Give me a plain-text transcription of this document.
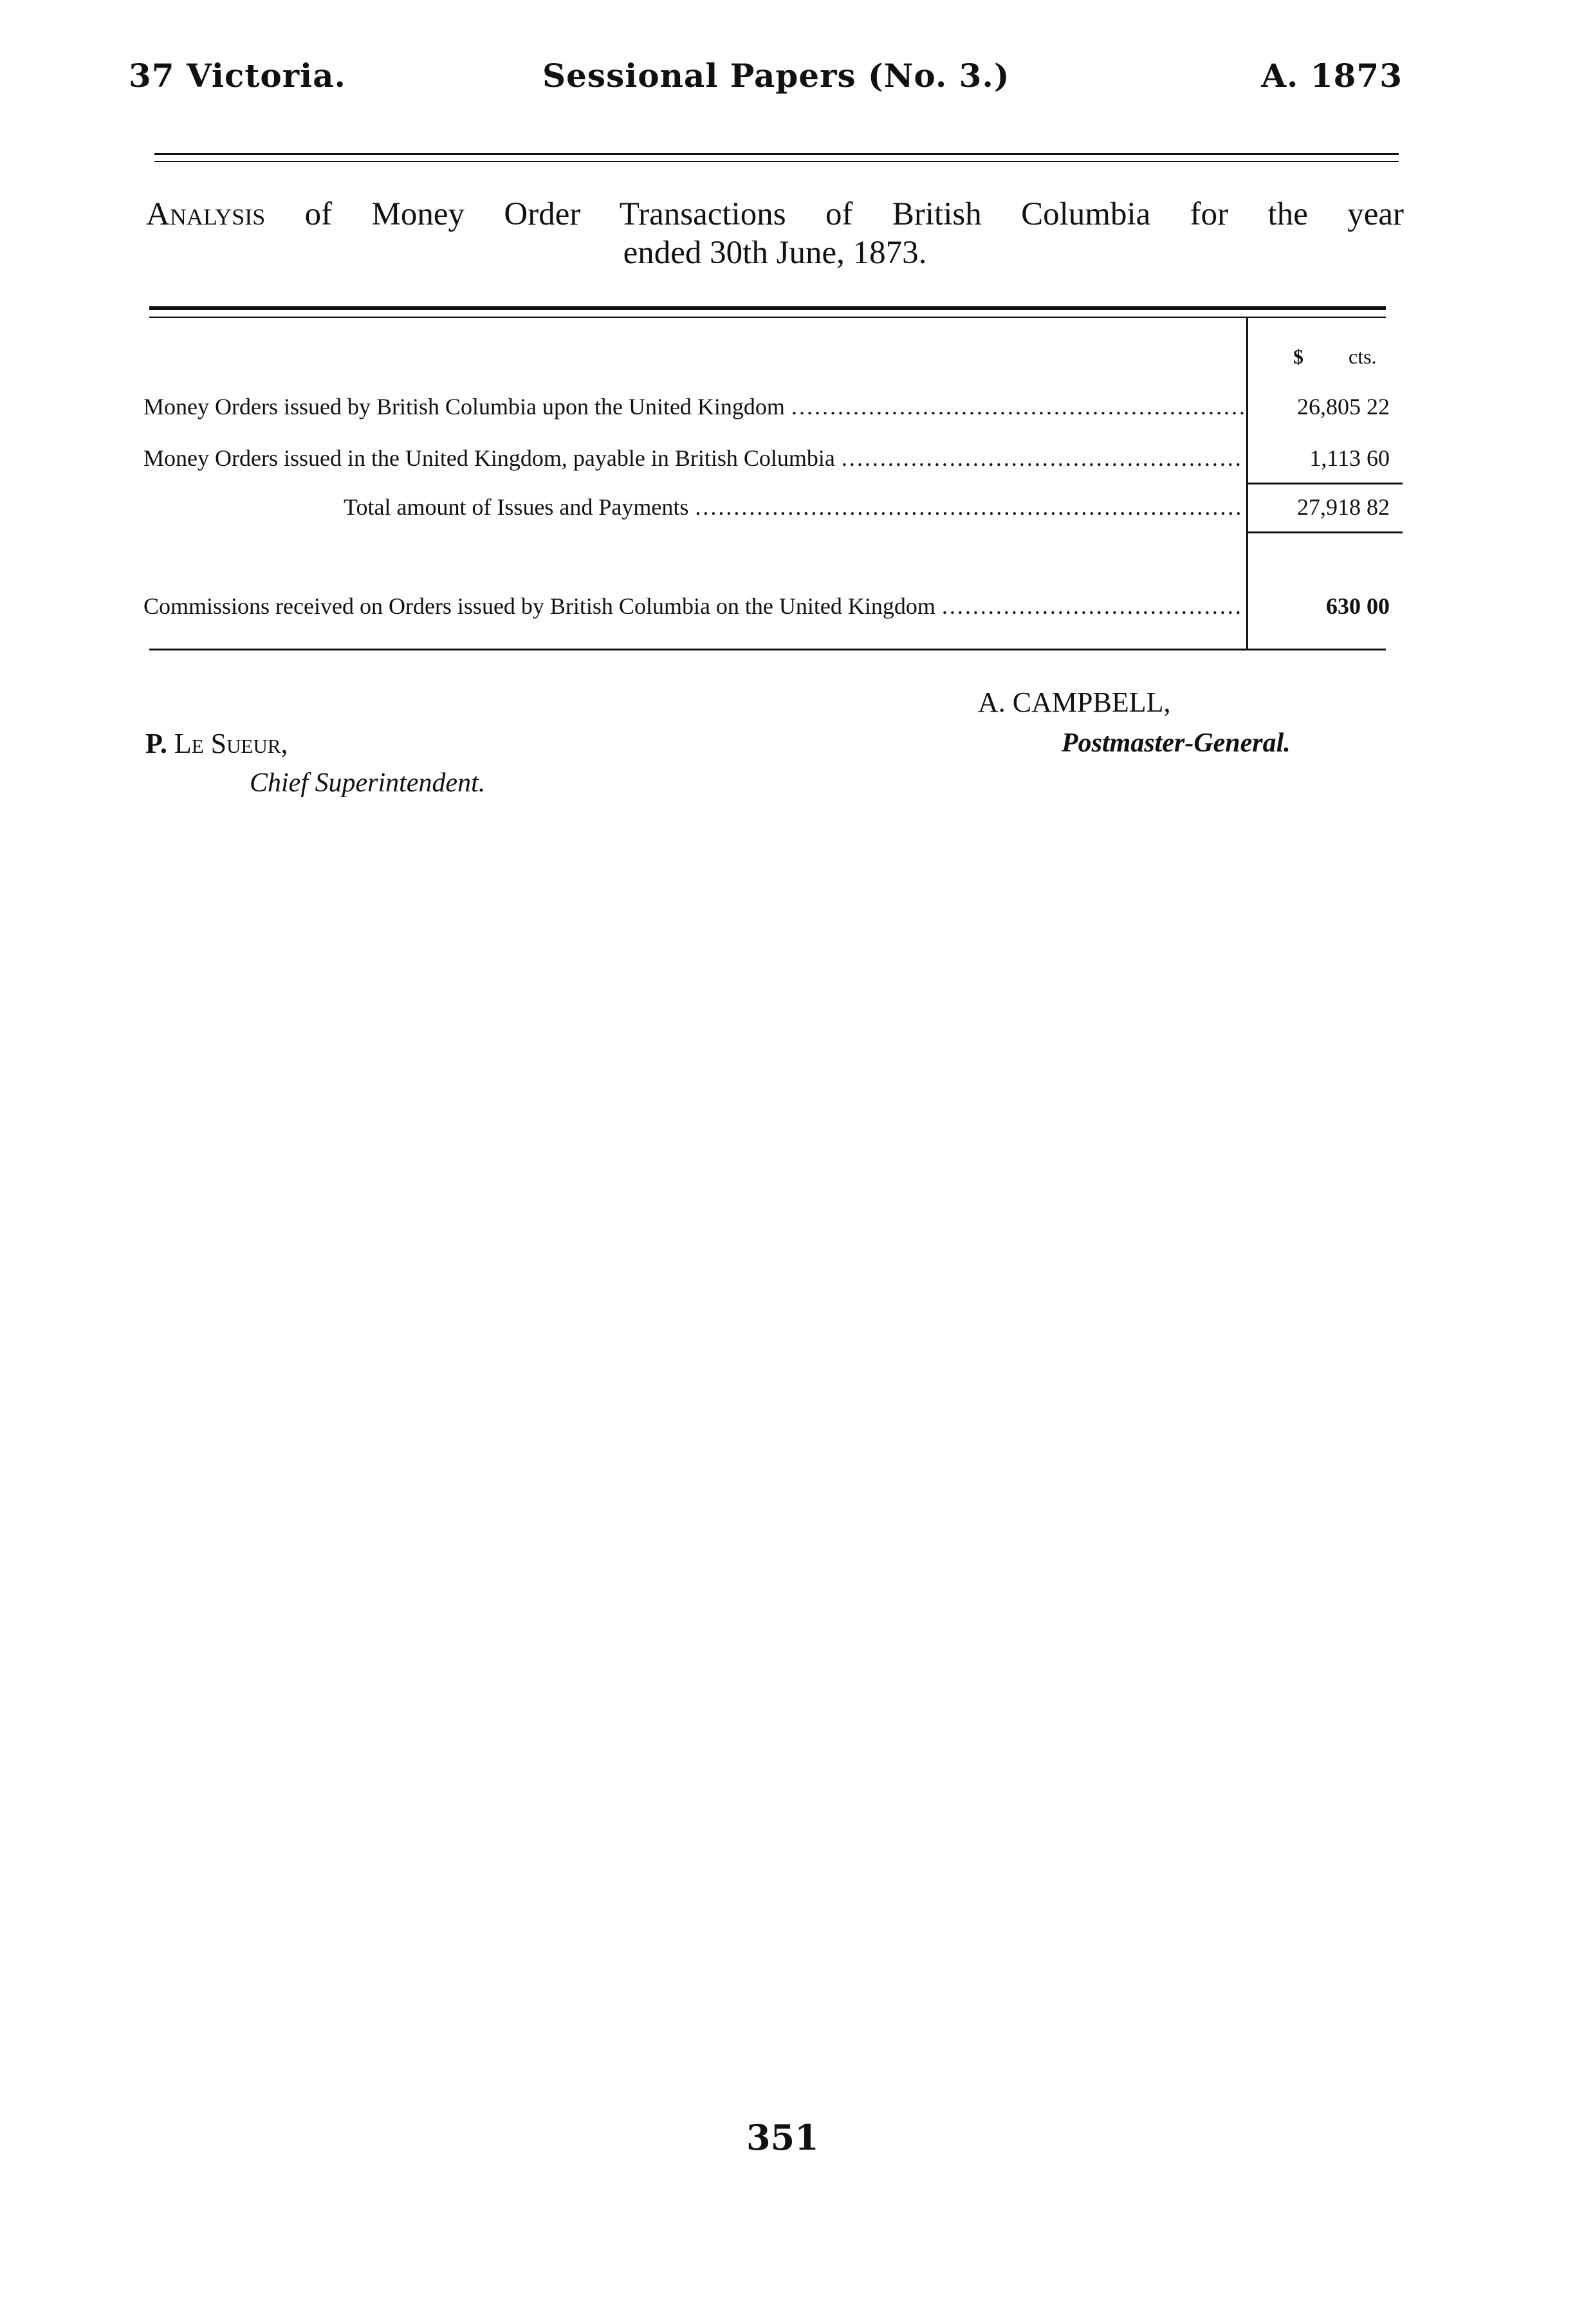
37 Victoria.	Sessional Papers (No. 3.)	A. 1873
Analysis of Money Order Transactions of British Columbia for the year
ended 30th June, 1873.
$ cts.
Money Orders issued by British Columbia upon the United Kingdom .....	26,805 22
Money Orders issued in the United Kingdom, payable in British Columbia .....	1,113 60
Total amount of Issues and Payments .....	27,918 82
Commissions received on Orders issued by British Columbia on the United Kingdom .....	630 00
A. CAMPBELL,
Postmaster-General.
P. Le Sueur,
Chief Superintendent.
351
